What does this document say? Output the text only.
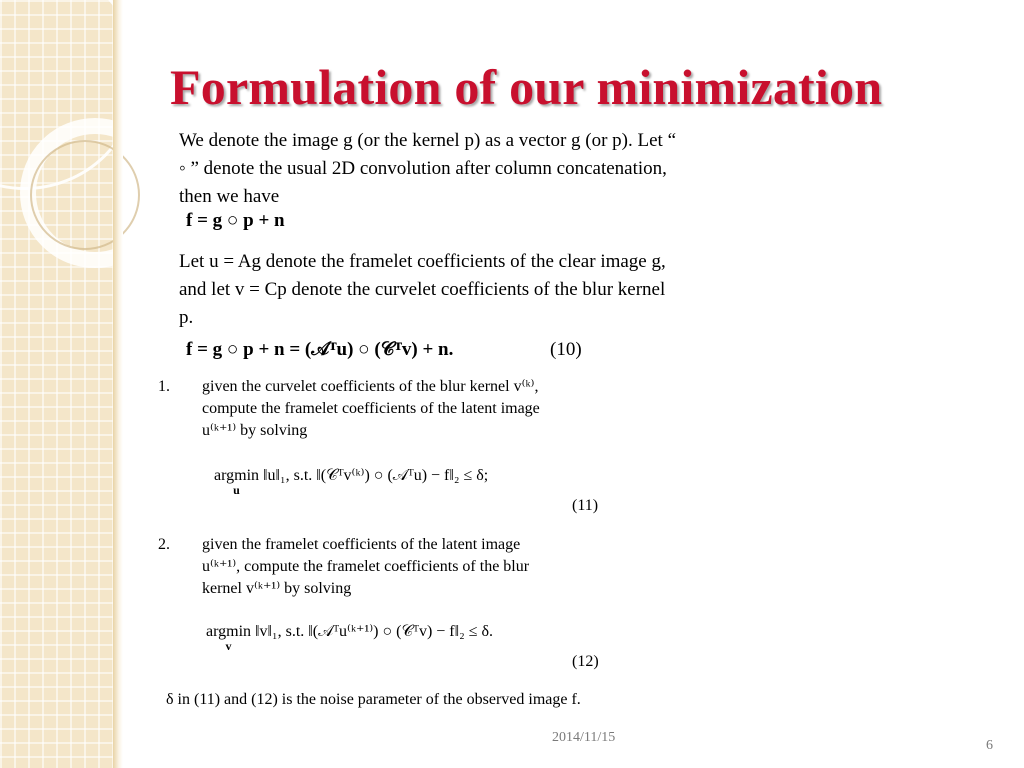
Formulation of our minimization
We denote the image g (or the kernel p) as a vector g (or p). Let “ ◦ ” denote the usual 2D convolution after column concatenation, then we have
f = g ○ p + n
Let u = Ag denote the framelet coefficients of the clear image g, and let v = Cp denote the curvelet coefficients of the blur kernel p.
f = g ○ p + n = (𝒜ᵀu) ○ (𝒞ᵀv) + n.	(10)
1. given the curvelet coefficients of the blur kernel v⁽ᵏ⁾,
compute the framelet coefficients of the latent image
u⁽ᵏ⁺¹⁾ by solving
argmin
u
‖u‖₁, s.t. ‖(𝒞ᵀv⁽ᵏ⁾) ○ (𝒜ᵀu) − f‖₂ ≤ δ;
(11)
2. given the framelet coefficients of the latent image
u⁽ᵏ⁺¹⁾, compute the framelet coefficients of the blur
kernel v⁽ᵏ⁺¹⁾ by solving
argmin
v
‖v‖₁, s.t. ‖(𝒜ᵀu⁽ᵏ⁺¹⁾) ○ (𝒞ᵀv) − f‖₂ ≤ δ.
(12)
δ in (11) and (12) is the noise parameter of the observed image f.
2014/11/15
6
